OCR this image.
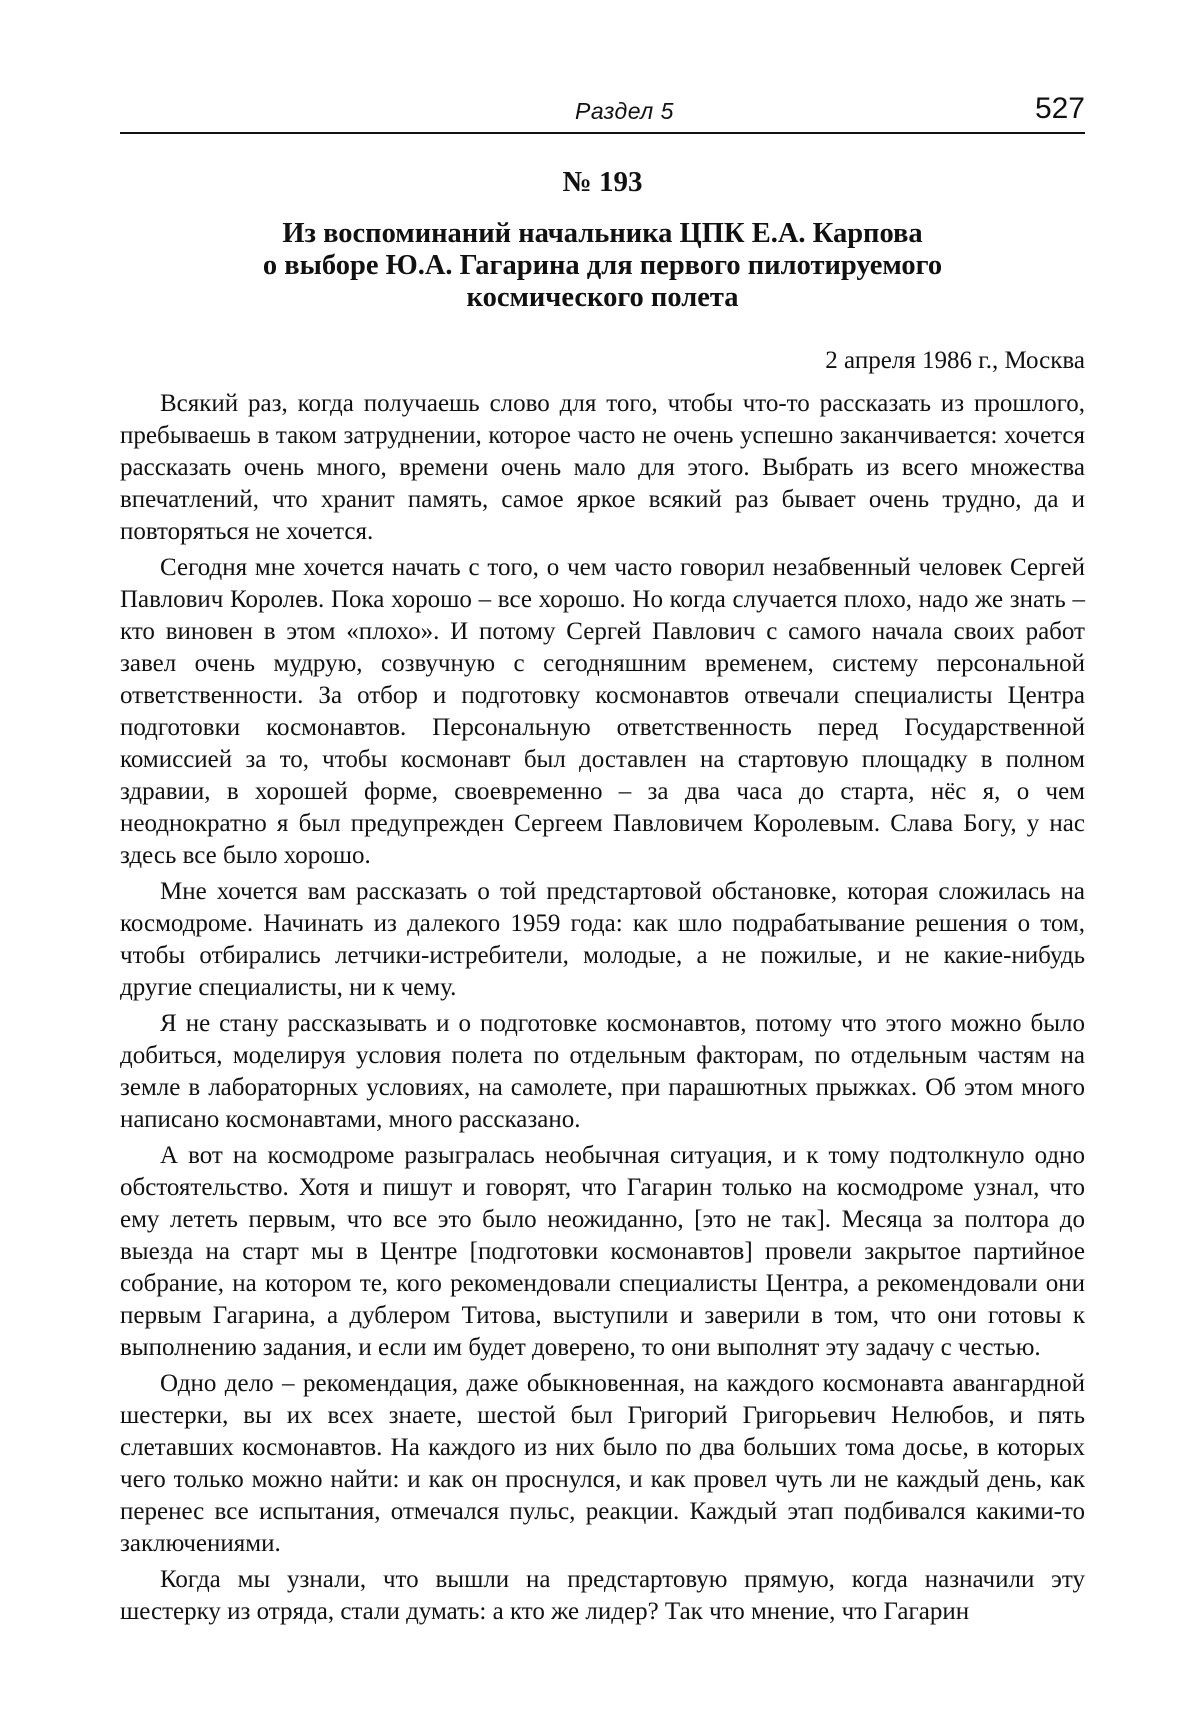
Раздел 5	527
№ 193
Из воспоминаний начальника ЦПК Е.А. Карпова
о выборе Ю.А. Гагарина для первого пилотируемого
космического полета
2 апреля 1986 г., Москва

Всякий раз, когда получаешь слово для того, чтобы что-то рассказать из прошлого, пребываешь в таком затруднении, которое часто не очень успешно заканчивается: хочется рассказать очень много, времени очень мало для этого. Выбрать из всего множества впечатлений, что хранит память, самое яркое всякий раз бывает очень трудно, да и повторяться не хочется.

Сегодня мне хочется начать с того, о чем часто говорил незабвенный человек Сергей Павлович Королев. Пока хорошо – все хорошо. Но когда случается плохо, надо же знать – кто виновен в этом «плохо». И потому Сергей Павлович с самого начала своих работ завел очень мудрую, созвучную с сегодняшним временем, систему персональной ответственности. За отбор и подготовку космонавтов отвечали специалисты Центра подготовки космонавтов. Персональную ответственность перед Государственной комиссией за то, чтобы космонавт был доставлен на стартовую площадку в полном здравии, в хорошей форме, своевременно – за два часа до старта, нёс я, о чем неоднократно я был предупрежден Сергеем Павловичем Королевым. Слава Богу, у нас здесь все было хорошо.

Мне хочется вам рассказать о той предстартовой обстановке, которая сложилась на космодроме. Начинать из далекого 1959 года: как шло подрабатывание решения о том, чтобы отбирались летчики-истребители, молодые, а не пожилые, и не какие-нибудь другие специалисты, ни к чему.

Я не стану рассказывать и о подготовке космонавтов, потому что этого можно было добиться, моделируя условия полета по отдельным факторам, по отдельным частям на земле в лабораторных условиях, на самолете, при парашютных прыжках. Об этом много написано космонавтами, много рассказано.

А вот на космодроме разыгралась необычная ситуация, и к тому подтолкнуло одно обстоятельство. Хотя и пишут и говорят, что Гагарин только на космодроме узнал, что ему лететь первым, что все это было неожиданно, [это не так]. Месяца за полтора до выезда на старт мы в Центре [подготовки космонавтов] провели закрытое партийное собрание, на котором те, кого рекомендовали специалисты Центра, а рекомендовали они первым Гагарина, а дублером Титова, выступили и заверили в том, что они готовы к выполнению задания, и если им будет доверено, то они выполнят эту задачу с честью.

Одно дело – рекомендация, даже обыкновенная, на каждого космонавта авангардной шестерки, вы их всех знаете, шестой был Григорий Григорьевич Нелюбов, и пять слетавших космонавтов. На каждого из них было по два больших тома досье, в которых чего только можно найти: и как он проснулся, и как провел чуть ли не каждый день, как перенес все испытания, отмечался пульс, реакции. Каждый этап подбивался какими-то заключениями.

Когда мы узнали, что вышли на предстартовую прямую, когда назначили эту шестерку из отряда, стали думать: а кто же лидер? Так что мнение, что Гагарин
